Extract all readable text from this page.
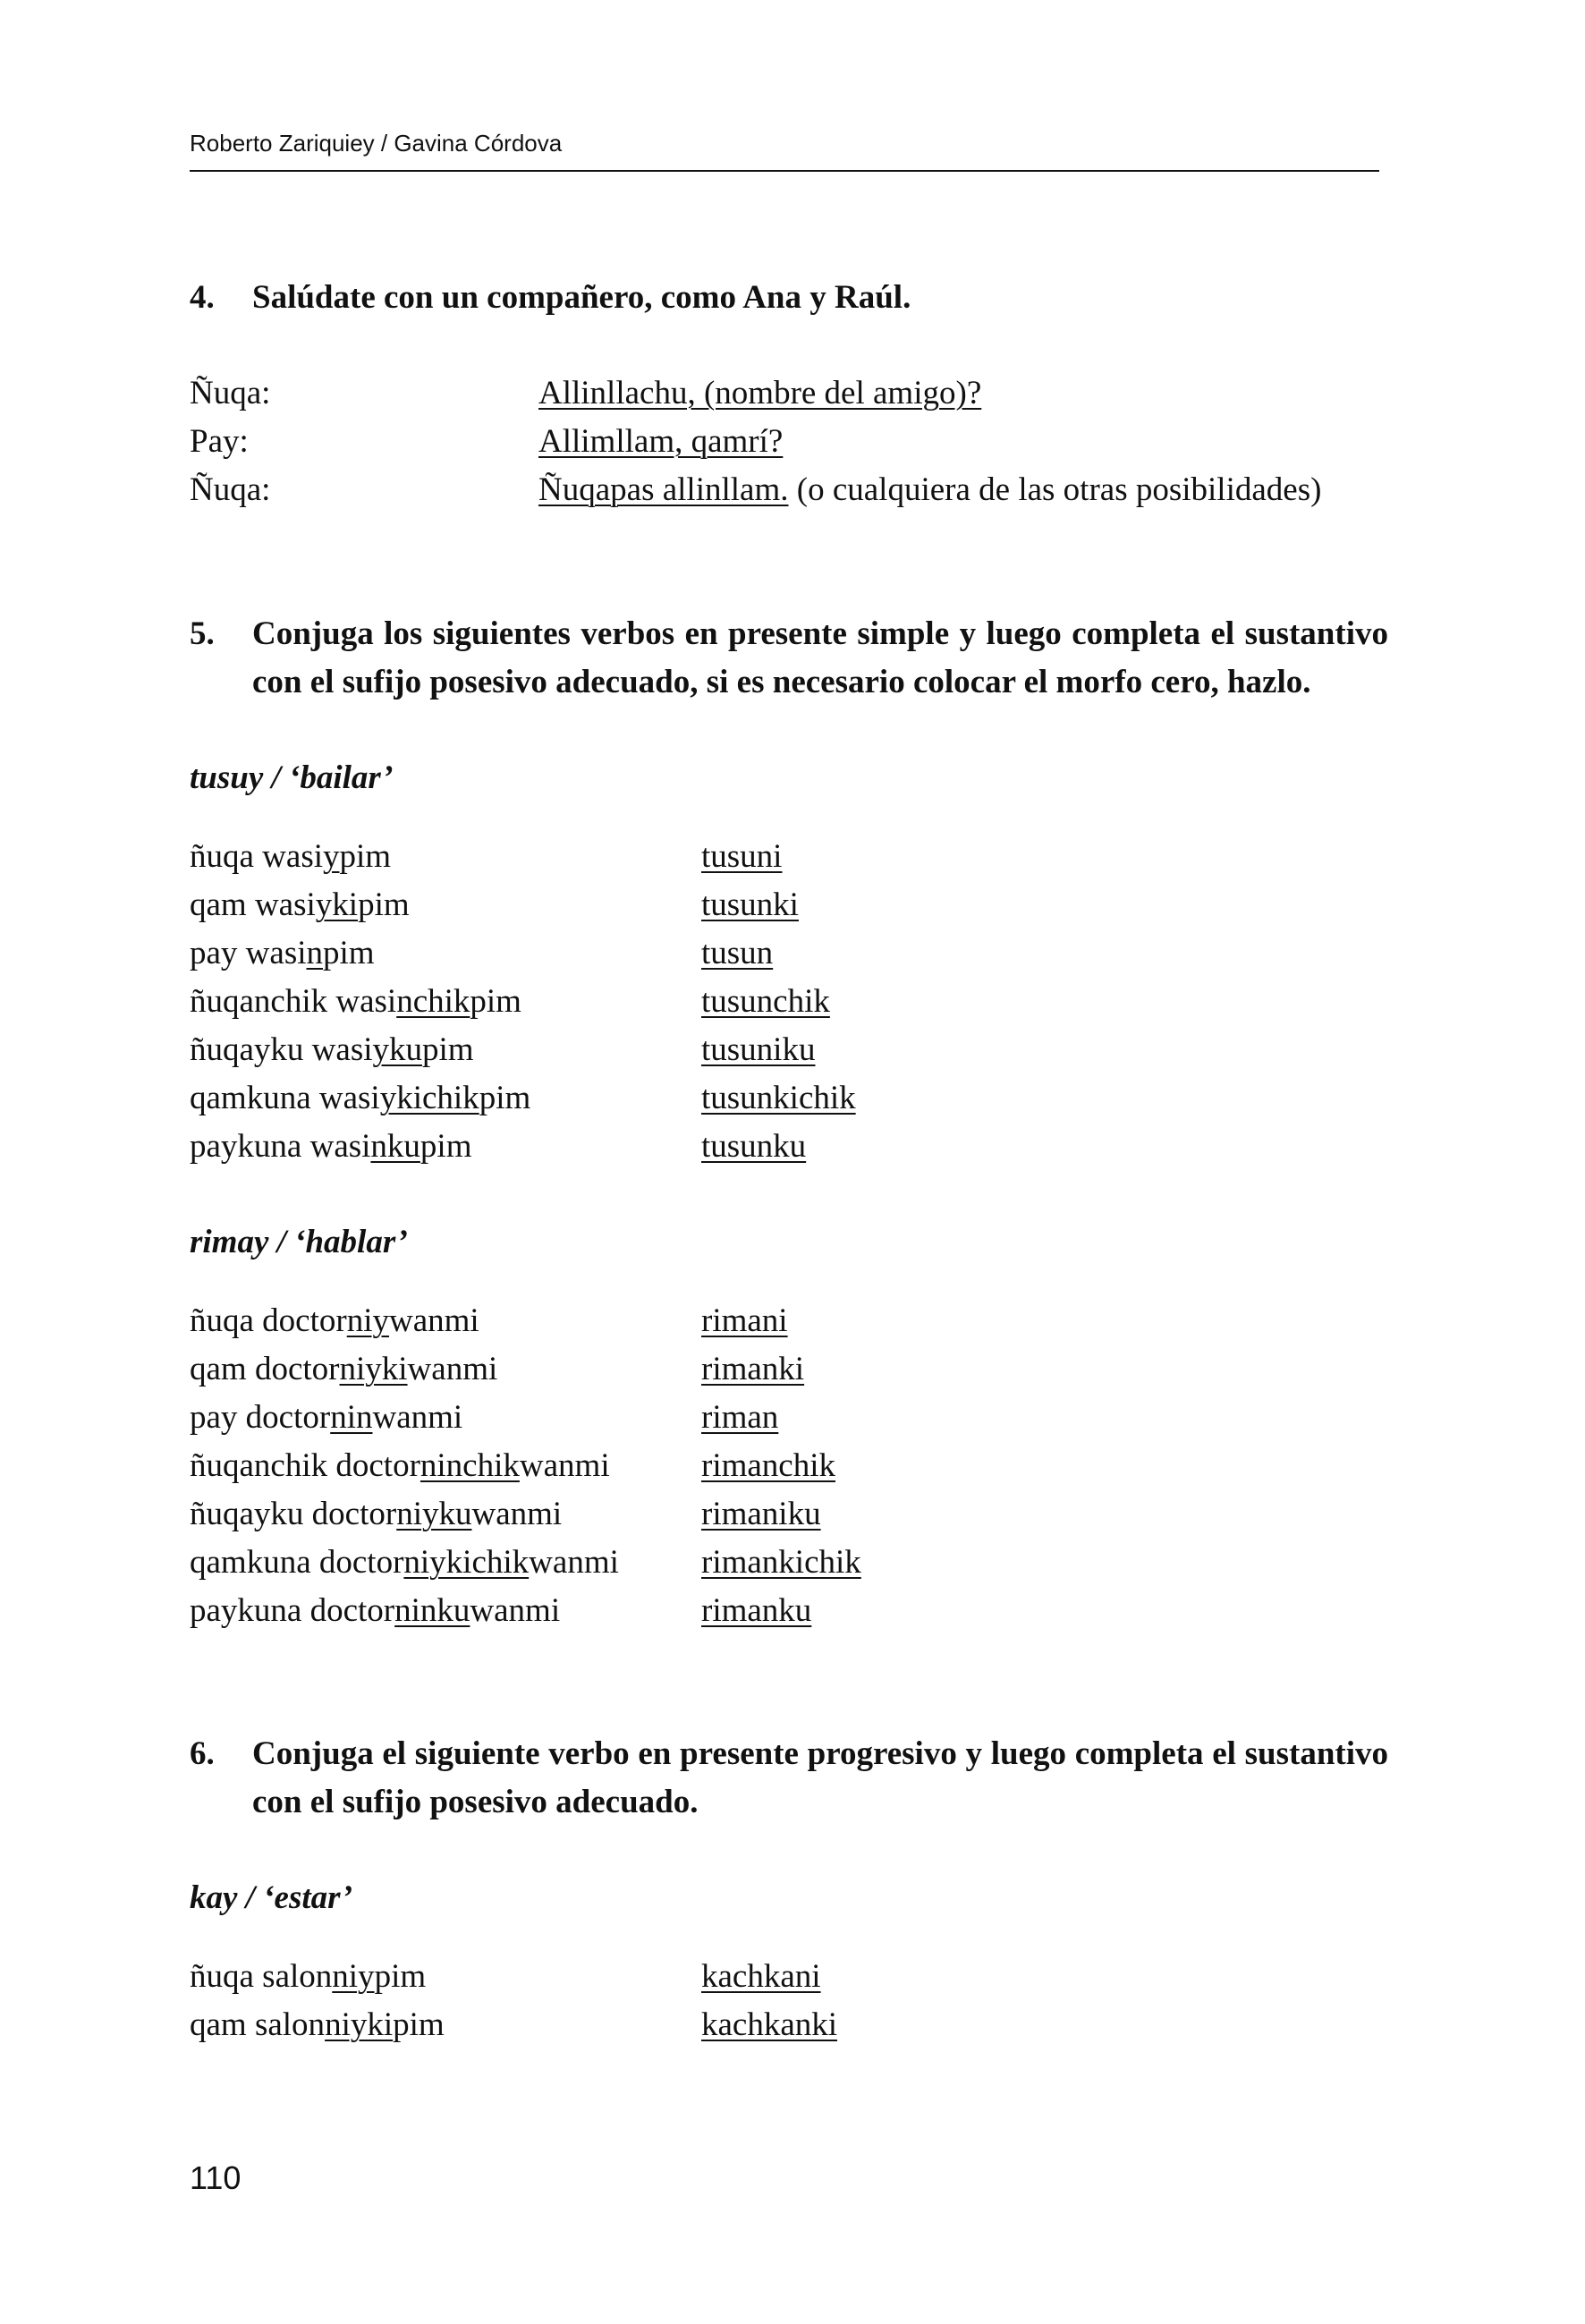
Roberto Zariquiey / Gavina Córdova
4.	Salúdate con un compañero, como Ana y Raúl.
Ñuqa:	Allinllachu, (nombre del amigo)?
Pay:	Allimllam, qamrí?
Ñuqa:	Ñuqapas allinllam. (o cualquiera de las otras posibilidades)
5.	Conjuga los siguientes verbos en presente simple y luego completa el sustantivo con el sufijo posesivo adecuado, si es necesario colocar el morfo cero, hazlo.
tusuy / ‘bailar’
ñuqa wasiypim	tusuni
qam wasiykipim	tusunki
pay wasinpim	tusun
ñuqanchik wasinchikpim	tusunchik
ñuqayku wasiykupim	tusuniku
qamkuna wasiykichikpim	tusunkichik
paykuna wasinkupim	tusunku
rimay / ‘hablar’
ñuqa doctorniywanmi	rimani
qam doctorniykiwanmi	rimanki
pay doctorninwanmi	riman
ñuqanchik doctorninchikwanmi	rimanchik
ñuqayku doctorniykuwanmi	rimaniku
qamkuna doctorniykichikwanmi rimankichik
paykuna doctorninkuwanmi	rimanku
6.	Conjuga el siguiente verbo en presente progresivo y luego completa el sustantivo con el sufijo posesivo adecuado.
kay / ‘estar’
ñuqa salonniypim	kachkani
qam salonniykipim	kachkanki
110
